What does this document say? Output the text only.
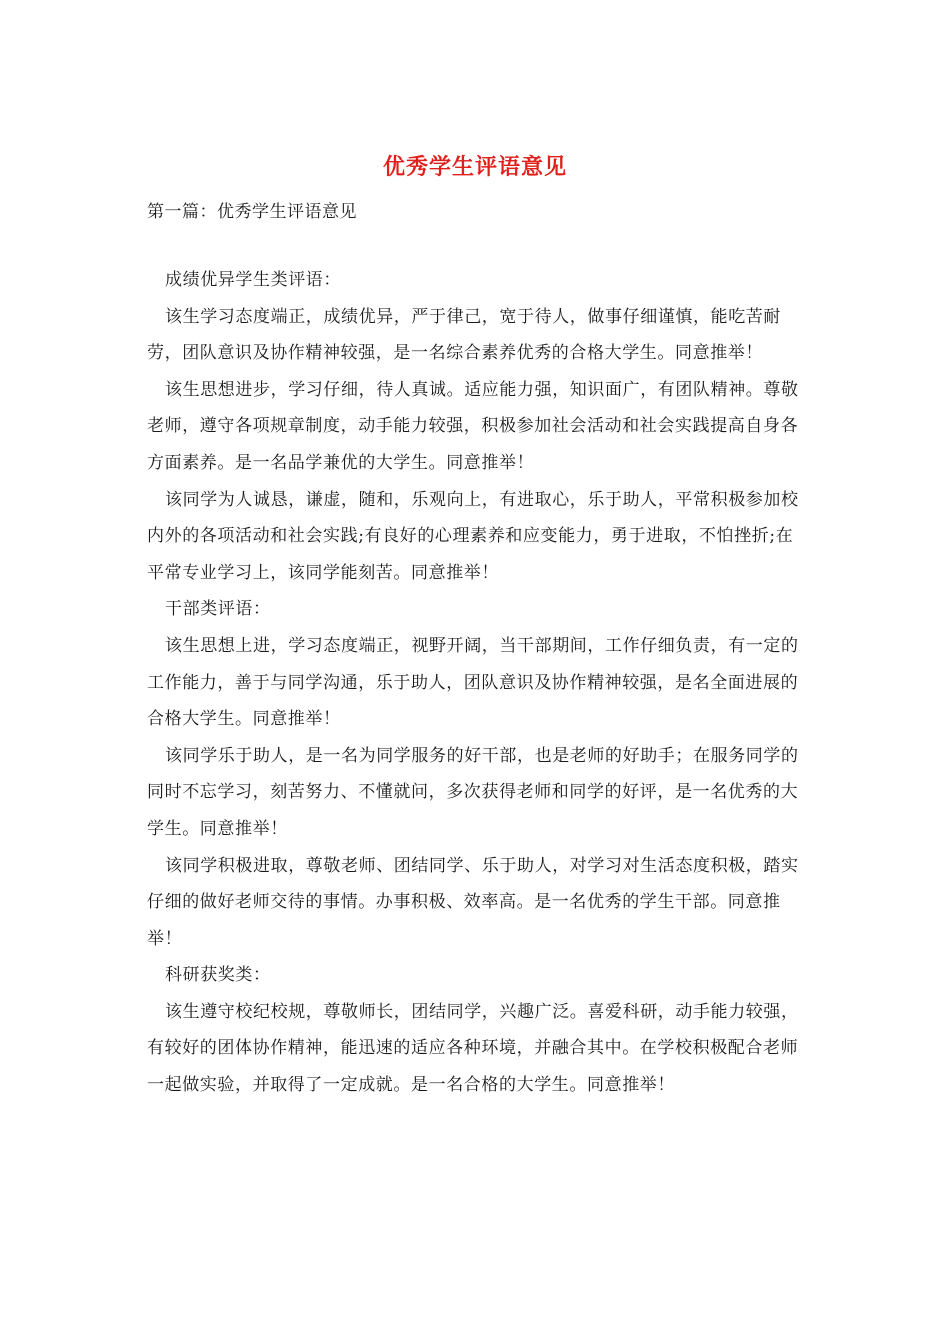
优秀学生评语意见
第一篇：优秀学生评语意见

成绩优异学生类评语：

该生学习态度端正，成绩优异，严于律己，宽于待人，做事仔细谨慎，能吃苦耐劳，团队意识及协作精神较强，是一名综合素养优秀的合格大学生。同意推举！

该生思想进步，学习仔细，待人真诚。适应能力强，知识面广，有团队精神。尊敬老师，遵守各项规章制度，动手能力较强，积极参加社会活动和社会实践提高自身各方面素养。是一名品学兼优的大学生。同意推举！

该同学为人诚恳，谦虚，随和，乐观向上，有进取心，乐于助人，平常积极参加校内外的各项活动和社会实践;有良好的心理素养和应变能力，勇于进取，不怕挫折;在平常专业学习上，该同学能刻苦。同意推举！

干部类评语：

该生思想上进，学习态度端正，视野开阔，当干部期间，工作仔细负责，有一定的工作能力，善于与同学沟通，乐于助人，团队意识及协作精神较强，是名全面进展的合格大学生。同意推举！

该同学乐于助人，是一名为同学服务的好干部，也是老师的好助手；在服务同学的同时不忘学习，刻苦努力、不懂就问，多次获得老师和同学的好评，是一名优秀的大学生。同意推举！

该同学积极进取，尊敬老师、团结同学、乐于助人，对学习对生活态度积极，踏实仔细的做好老师交待的事情。办事积极、效率高。是一名优秀的学生干部。同意推举！

科研获奖类：

该生遵守校纪校规，尊敬师长，团结同学，兴趣广泛。喜爱科研，动手能力较强，有较好的团体协作精神，能迅速的适应各种环境，并融合其中。在学校积极配合老师一起做实验，并取得了一定成就。是一名合格的大学生。同意推举！
